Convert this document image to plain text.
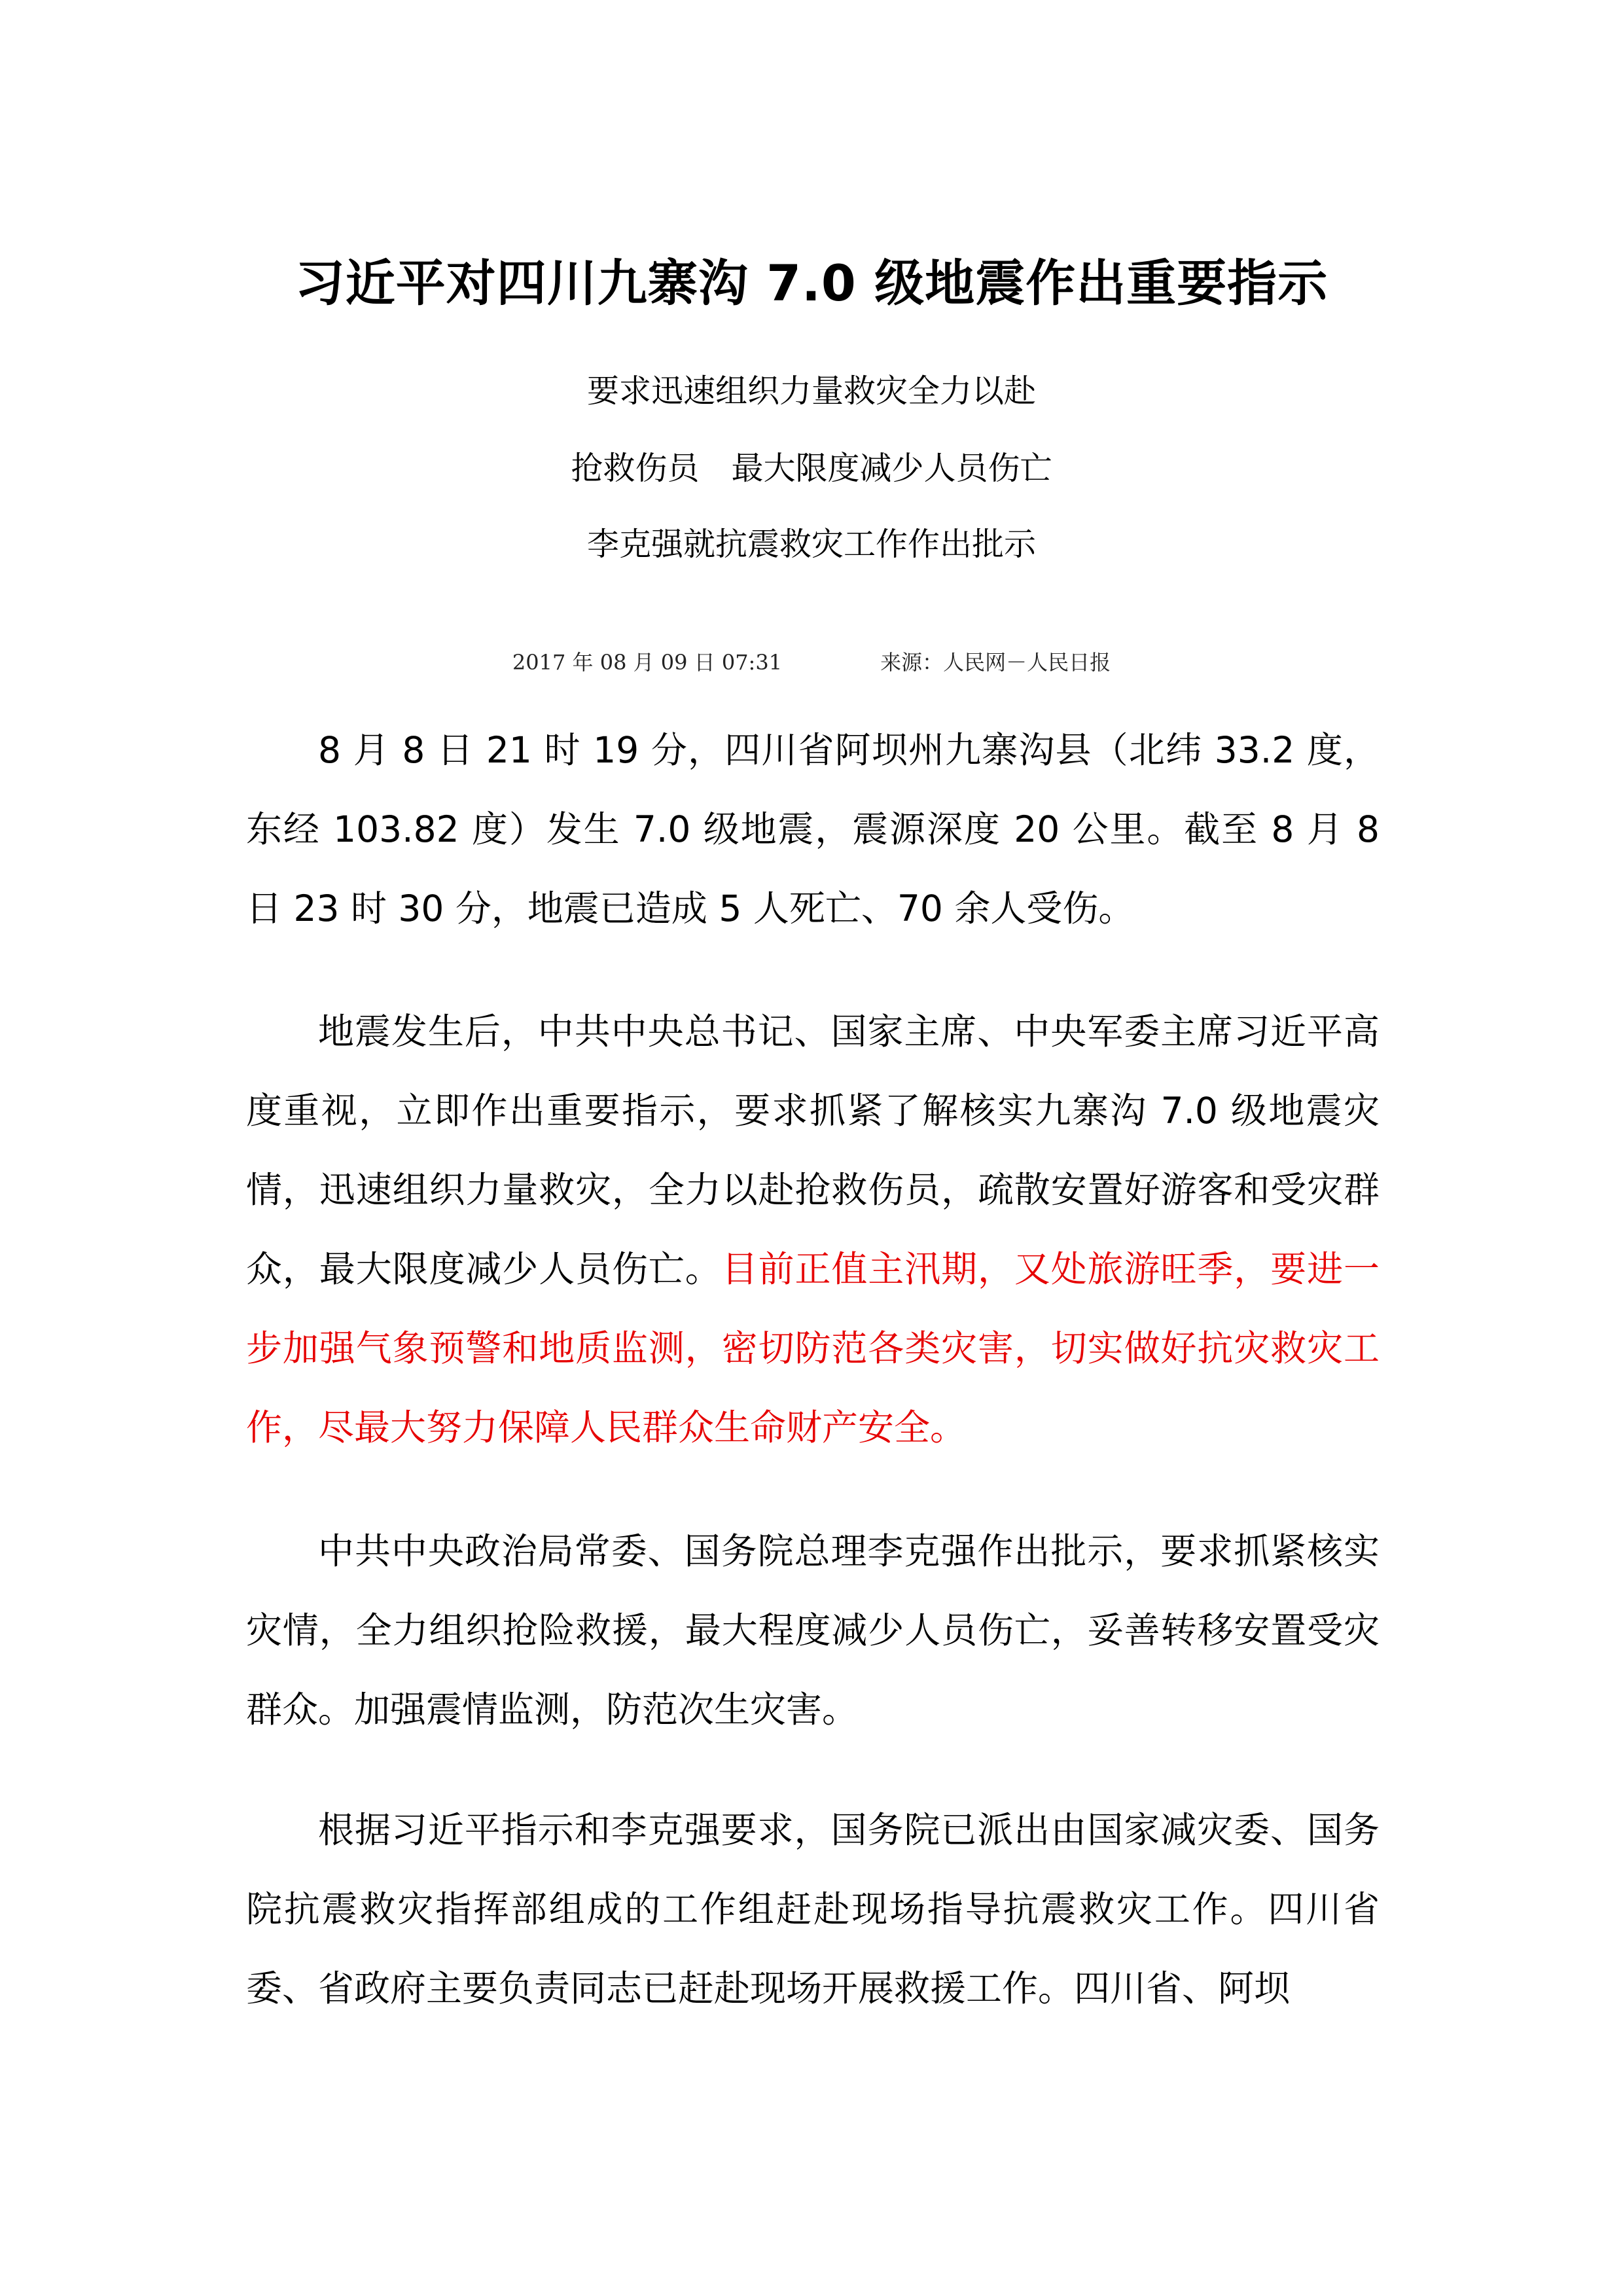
习近平对四川九寨沟 7.0 级地震作出重要指示
要求迅速组织力量救灾全力以赴
抢救伤员　最大限度减少人员伤亡
李克强就抗震救灾工作作出批示
2017 年 08 月 09 日 07:31	来源：人民网－人民日报

8 月 8 日 21 时 19 分，四川省阿坝州九寨沟县（北纬 33.2 度，东经 103.82 度）发生 7.0 级地震，震源深度 20 公里。截至 8 月 8 日 23 时 30 分，地震已造成 5 人死亡、70 余人受伤。

地震发生后，中共中央总书记、国家主席、中央军委主席习近平高度重视，立即作出重要指示，要求抓紧了解核实九寨沟 7.0 级地震灾情，迅速组织力量救灾，全力以赴抢救伤员，疏散安置好游客和受灾群众，最大限度减少人员伤亡。目前正值主汛期，又处旅游旺季，要进一步加强气象预警和地质监测，密切防范各类灾害，切实做好抗灾救灾工作，尽最大努力保障人民群众生命财产安全。

中共中央政治局常委、国务院总理李克强作出批示，要求抓紧核实灾情，全力组织抢险救援，最大程度减少人员伤亡，妥善转移安置受灾群众。加强震情监测，防范次生灾害。

根据习近平指示和李克强要求，国务院已派出由国家减灾委、国务院抗震救灾指挥部组成的工作组赶赴现场指导抗震救灾工作。四川省委、省政府主要负责同志已赶赴现场开展救援工作。四川省、阿坝
